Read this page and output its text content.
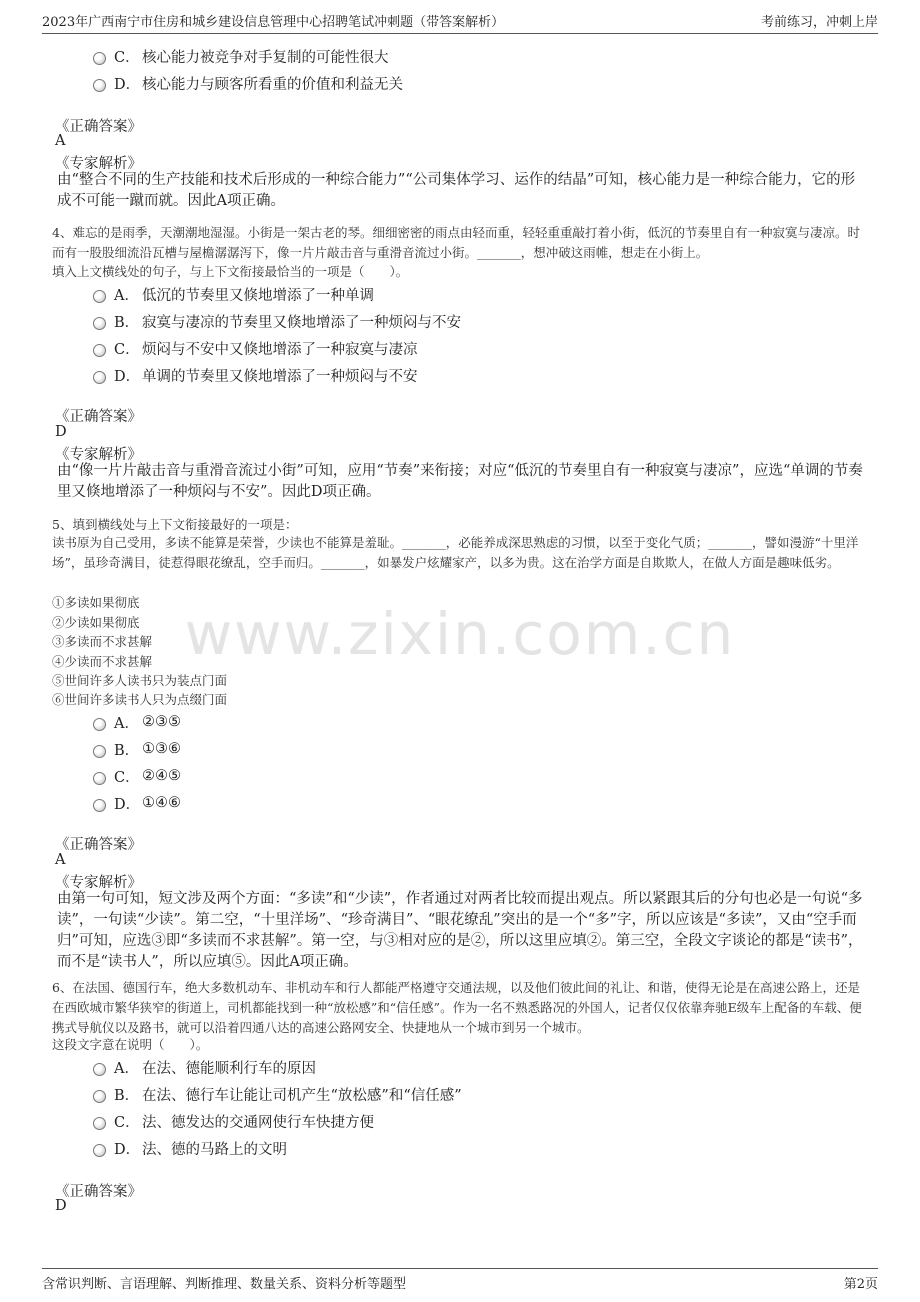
2023年广西南宁市住房和城乡建设信息管理中心招聘笔试冲刺题（带答案解析）	考前练习，冲刺上岸
www.zixin.com.cn
C． 核心能力被竞争对手复制的可能性很大
D． 核心能力与顾客所看重的价值和利益无关
《正确答案》
A
《专家解析》
由“整合不同的生产技能和技术后形成的一种综合能力”“公司集体学习、运作的结晶”可知，核心能力是一种综合能力，它的形成不可能一蹴而就。因此A项正确。
4、难忘的是雨季，天潮潮地湿湿。小街是一架古老的琴。细细密密的雨点由轻而重，轻轻重重敲打着小街，低沉的节奏里自有一种寂寞与凄凉。时而有一股股细流沿瓦槽与屋檐潺潺泻下，像一片片敲击音与重滑音流过小街。_______，想冲破这雨帷，想走在小街上。
填入上文横线处的句子，与上下文衔接最恰当的一项是（　　）。
A． 低沉的节奏里又倏地增添了一种单调
B． 寂寞与凄凉的节奏里又倏地增添了一种烦闷与不安
C． 烦闷与不安中又倏地增添了一种寂寞与凄凉
D． 单调的节奏里又倏地增添了一种烦闷与不安
《正确答案》
D
《专家解析》
由“像一片片敲击音与重滑音流过小街”可知，应用“节奏”来衔接；对应“低沉的节奏里自有一种寂寞与凄凉”，应选“单调的节奏里又倏地增添了一种烦闷与不安”。因此D项正确。
5、填到横线处与上下文衔接最好的一项是：
读书原为自己受用，多读不能算是荣誉，少读也不能算是羞耻。_______，必能养成深思熟虑的习惯，以至于变化气质；_______，譬如漫游“十里洋场”，虽珍奇满目，徒惹得眼花缭乱，空手而归。_______，如暴发户炫耀家产，以多为贵。这在治学方面是自欺欺人，在做人方面是趣味低劣。
①多读如果彻底
②少读如果彻底
③多读而不求甚解
④少读而不求甚解
⑤世间许多人读书只为装点门面
⑥世间许多读书人只为点缀门面
A． ②③⑤
B． ①③⑥
C． ②④⑤
D． ①④⑥
《正确答案》
A
《专家解析》
由第一句可知，短文涉及两个方面：“多读”和“少读”，作者通过对两者比较而提出观点。所以紧跟其后的分句也必是一句说“多读”，一句读“少读”。第二空，“十里洋场”、“珍奇满目”、“眼花缭乱”突出的是一个“多”字，所以应该是“多读”，又由“空手而归”可知，应选③即“多读而不求甚解”。第一空，与③相对应的是②，所以这里应填②。第三空，全段文字谈论的都是“读书”，而不是“读书人”，所以应填⑤。因此A项正确。
6、在法国、德国行车，绝大多数机动车、非机动车和行人都能严格遵守交通法规，以及他们彼此间的礼让、和谐，使得无论是在高速公路上，还是在西欧城市繁华狭窄的街道上，司机都能找到一种“放松感”和“信任感”。作为一名不熟悉路况的外国人，记者仅仅依靠奔驰E级车上配备的车载、便携式导航仪以及路书，就可以沿着四通八达的高速公路网安全、快捷地从一个城市到另一个城市。
这段文字意在说明（　　）。
A． 在法、德能顺利行车的原因
B． 在法、德行车让能让司机产生“放松感”和“信任感”
C． 法、德发达的交通网使行车快捷方便
D． 法、德的马路上的文明
《正确答案》
D
含常识判断、言语理解、判断推理、数量关系、资料分析等题型	第2页
